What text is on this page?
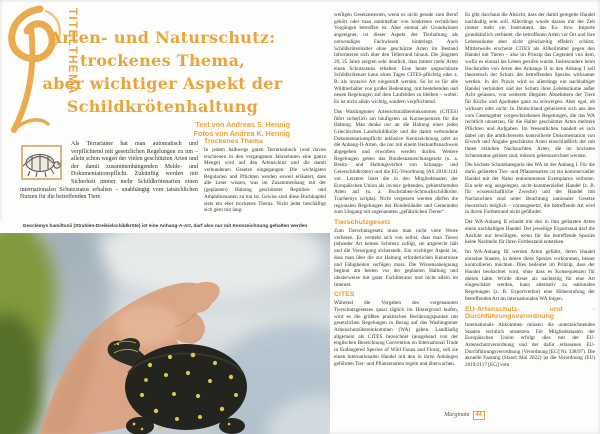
TITELTHEMA
Arten- und Naturschutz:
trockenes Thema,
aber wichtiger Aspekt der
Schildkrötenhaltung
Text von Andreas S. Hennig
Fotos von Andrea K. Hennig

Als Terrarianer hat man automatisch und verpflichtend mit gesetzlichen Regelungen zu tun – allein schon wegen der vielen geschützten Arten und der damit zusammenhängenden Melde- und Dokumentationspflicht. Zukünftig werden mit Sicherheit immer mehr Schildkrötenarten einen internationalen Schutzstatus erhalten – unabhängig vom tatsächlichen Nutzen für die betreffenden Tiere.

Trockenes Thema

In jedem halbwegs guten Terrarienbuch (und davon erschienen in den vergangenen Jahrzehnten eine ganze Menge) wird auf den Artenschutz und die damit verbundenen Gesetze eingegangen: Die wichtigsten Regularien und Pflichten werden soweit erläutert, dass alle Leser wissen, was im Zusammenhang mit der (geplanten) Haltung geschützter Reptilien- und Amphibienarten zu tun ist. Gewiss sind diese Buchkapitel stets ein eher trockenes Thema. Nicht jeder beschäftigt sich gern mit lang-

Geoclemys hamiltonii (Strahlen-Dreikielschildkröte) ist eine Anhang-A-Art, darf also nur mit Kennzeichnung gehalten werden

weiligen Gesetzestexten, wenn es nicht gerade zum Beruf gehört oder man unmittelbar von konkreten rechtlichen Vorgängen betroffen ist. Aber einmal als Grundwissen angeeignet, ist dieser Aspekt der Tierhaltung als notwendiges Fachwissen hinterlegt. Auch Schildkrötenhalter ohne geschützte Arten im Bestand informieren sich über den Tellerrand hinaus. Die jüngsten 20, 25 Jahre zeigten sehr deutlich, dass immer mehr Arten einen Schutzstatus erhalten. Eine heute ungeschützte Schildkrötenart kann eines Tages CITES-pflichtig oder z. B. als invasive Art eingestuft werden. So ist es für alle Wildtierhalter von großer Bedeutung, mit bestehenden und neuen Regelungen auf dem Laufenden zu bleiben – wobei: Es ist nicht allein wichtig, sondern verpflichtend.

Das Washingtoner Artenschutzübereinkommen (CITES) führt sicherlich am häufigsten zu Konsequenzen für die Haltung. Man denke nur an die Haltung einer jeden Griechischen Landschildkröte und die damit verbundene Dokumentationspflicht inklusive Kennzeichnung oder an die Anhang-II-Arten, die nur mit einem Herkunftsnachweis abgegeben und erworben werden dürfen. Weitere Regelungen geben das Bundesnaturschutzgesetz (u. a. Besitz- und Haltungsverbot von Schnapp- und Geierschildkröten) und die EG-Verordnung IAS 2016/1141 vor. Letztere listet die in den Mitgliedstaaten der Europäischen Union als invasiv geltenden, gebietsfremden Arten auf (u. a. Buchstaben-Schmuckschildkröte, Trachemys scripta). Nicht vergessen werden dürfen die regionalen Regelungen der Bundesländer und Gemeinden zum Umgang mit sogenannten „gefährlichen Tieren“.

Tierschutzgesetz

Zum Tierschutzgesetz muss man nicht viele Worte verlieren. Es versteht sich von selbst, dass man Tieren jedweder Art keinen Schmerz zufügt, sie artgerecht hält und die Versorgung sicherstellt. Ein wichtiger Aspekt ist, dass man über die zur Haltung erforderlichen Kenntnisse und Fähigkeiten verfügen muss. Die Wissensaneignung beginnt am besten vor der geplanten Haltung und idealerweise mit guter Fachliteratur und nicht allein im Internet.

CITES

Während die Vorgaben des vorgenannten Tierschutzgesetzes quasi täglich im Hintergrund laufen, wird es die größten praktischen Berührungspunkte mit gesetzlichen Regelungen in Bezug auf das Washingtoner Artenschutzübereinkommen (WA) geben. Landläufig allgemein als CITES bezeichnet (ausgehend von der englischen Bezeichnung Convention on International Trade in Endangered Species of Wild Fauna and Flora), soll sie einen internationalen Handel mit den in ihren Anhängen geführten Tier- und Pflanzenarten regeln und überwachen.

Es gibt durchaus die Absicht, dass der damit geregelte Handel nachhaltig sein soll. Allerdings wurde daraus mit der Zeit immer mehr ein Instrument, das Ex- bzw. Importe grundsätzlich verbietet, die betroffenen Arten vor Ort und ihre Lebensräume aber nicht gleichzeitig effektiv schützt. Mittlerweile erscheint CITES als Allheilmittel gegen den Handel mit Tieren – also im Prinzip das Gegenteil von dem, wofür es einmal ins Leben gerufen wurde. Insbesondere beim Hochstufen von Arten des Anhangs II in den Anhang I soll theoretisch der Schutz der betreffenden Spezies wirksamer werden. In der Praxis wird so allerdings ein nachhaltiger Handel verhindert und der Schutz ihrer Lebensräume außer Acht gelassen, von weiteren illegalen Abnehmern der Tiere für Küche und Apotheke ganz zu schweigen. Aber egal, ob wirksam oder nicht: In Deutschland generieren sich aus den vom Gesetzgeber vorgeschriebenen Regelungen, die das WA rechtlich umsetzen, für die Halter geschützter Arten mehrere Pflichten und Aufgaben. Im Wesentlichen handelt es sich dabei um die amtlicherseits kontrollierte Dokumentation von Erwerb und Abgabe geschützter Arten einschließlich der mit ihnen erzielten Nachzuchten. Arten, die im höchsten Schutzstatus gelistet sind, müssen gekennzeichnet werden.

Die höchste Schutzkategorie des WA ist der Anhang I. Für die darin gelisteten Tier- und Pflanzenarten ist ein kommerzieller Handel mit der Natur entnommenen Exemplaren verboten. Ein sehr eng ausgelegter, nicht-kommerzieller Handel (z. B. für wissenschaftliche Zwecke) und der Handel mit Nachzuchten sind unter Beachtung nationaler Gesetze theoretisch möglich – vorausgesetzt, die betreffende Art wird in ihrem Fortbestand nicht gefährdet.

Der WA-Anhang II erlaubt mit den in ihm gelisteten Arten einen nachhaltigen Handel. Der jeweilige Exportstaat darf die Ausfuhr nur bewilligen, wenn für die betreffende Spezies keine Nachteile für ihren Fortbestand entstehen.

Im WA-Anhang III werden Arten geführt, deren Handel einzelne Staaten, in denen diese Spezies vorkommen, besser kontrollieren möchten. Dies bedeutet im Prinzip, dass der Handel beobachtet wird, ohne dass es Konsequenzen für diesen hätte. Würde dieser als nachteilig für eine Art eingeschätzt werden, kann alternativ zu nationalen Regelungen (z. B. Exportverbot) eine Höherstufung der betreffenden Art im internationalen WA folgen.

EU-Artenschutz- und -Durchführungsverordnung

Internationale Abkommen müssen die unterzeichnenden Staaten rechtlich umsetzen. Für Mitgliedsstaaten der Europäischen Union erfolgt dies mit der EU-Artenschutzverordnung und der dafür erlassenen EU-Durchführungsverordnung (Verordnung [EG] Nr. 338/97). Die aktuelle Fassung (Stand: Mai 2022) ist die Verordnung (EU) 2019/2117 [EG] vom

Marginata	44
